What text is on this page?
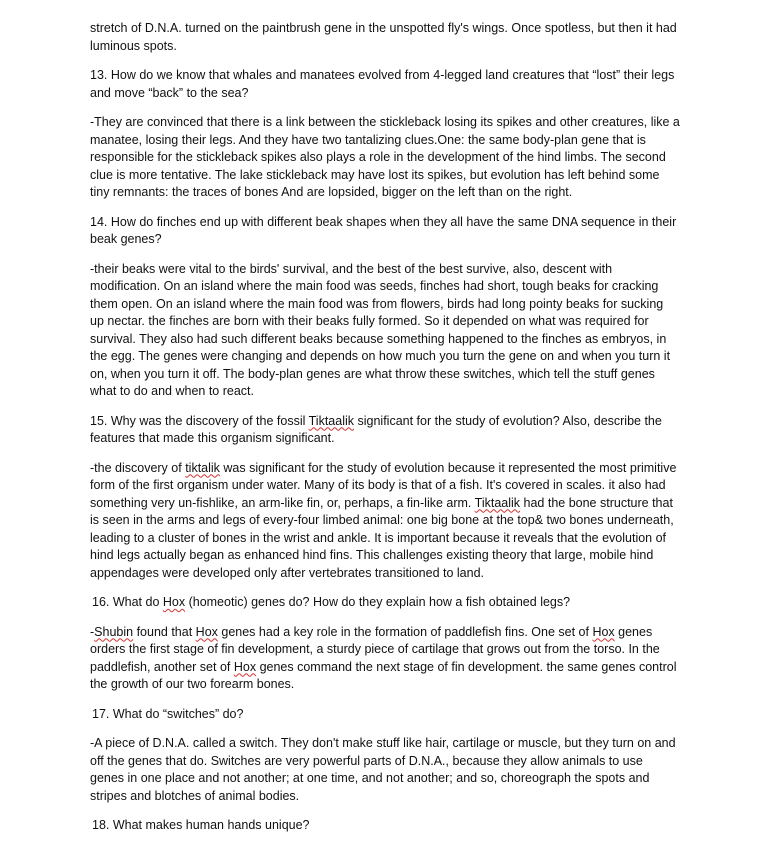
stretch of D.N.A. turned on the paintbrush gene in the unspotted fly's wings. Once spotless, but then it had luminous spots.

13. How do we know that whales and manatees evolved from 4-legged land creatures that “lost” their legs and move “back” to the sea?

-They are convinced that there is a link between the stickleback losing its spikes and other creatures, like a manatee, losing their legs. And they have two tantalizing clues.One: the same body-plan gene that is responsible for the stickleback spikes also plays a role in the development of the hind limbs. The second clue is more tentative. The lake stickleback may have lost its spikes, but evolution has left behind some tiny remnants: the traces of bones And are lopsided, bigger on the left than on the right.

14. How do finches end up with different beak shapes when they all have the same DNA sequence in their beak genes?

-their beaks were vital to the birds' survival, and the best of the best survive, also, descent with modification. On an island where the main food was seeds, finches had short, tough beaks for cracking them open. On an island where the main food was from flowers, birds had long pointy beaks for sucking up nectar. the finches are born with their beaks fully formed. So it depended on what was required for survival. They also had such different beaks because something happened to the finches as embryos, in the egg. The genes were changing and depends on how much you turn the gene on and when you turn it on, when you turn it off. The body-plan genes are what throw these switches, which tell the stuff genes what to do and when to react.

15. Why was the discovery of the fossil Tiktaalik significant for the study of evolution? Also, describe the features that made this organism significant.

-the discovery of tiktalik was significant for the study of evolution because it represented the most primitive form of the first organism under water. Many of its body is that of a fish. It's covered in scales. it also had something very un-fishlike, an arm-like fin, or, perhaps, a fin-like arm. Tiktaalik had the bone structure that is seen in the arms and legs of every-four limbed animal: one big bone at the top& two bones underneath, leading to a cluster of bones in the wrist and ankle. It is important because it reveals that the evolution of hind legs actually began as enhanced hind fins. This challenges existing theory that large, mobile hind appendages were developed only after vertebrates transitioned to land.

16. What do Hox (homeotic) genes do? How do they explain how a fish obtained legs?

-Shubin found that Hox genes had a key role in the formation of paddlefish fins. One set of Hox genes orders the first stage of fin development, a sturdy piece of cartilage that grows out from the torso. In the paddlefish, another set of Hox genes command the next stage of fin development. the same genes control the growth of our two forearm bones.

17. What do “switches” do?

-A piece of D.N.A. called a switch. They don't make stuff like hair, cartilage or muscle, but they turn on and off the genes that do. Switches are very powerful parts of D.N.A., because they allow animals to use genes in one place and not another; at one time, and not another; and so, choreograph the spots and stripes and blotches of animal bodies.

18. What makes human hands unique?
